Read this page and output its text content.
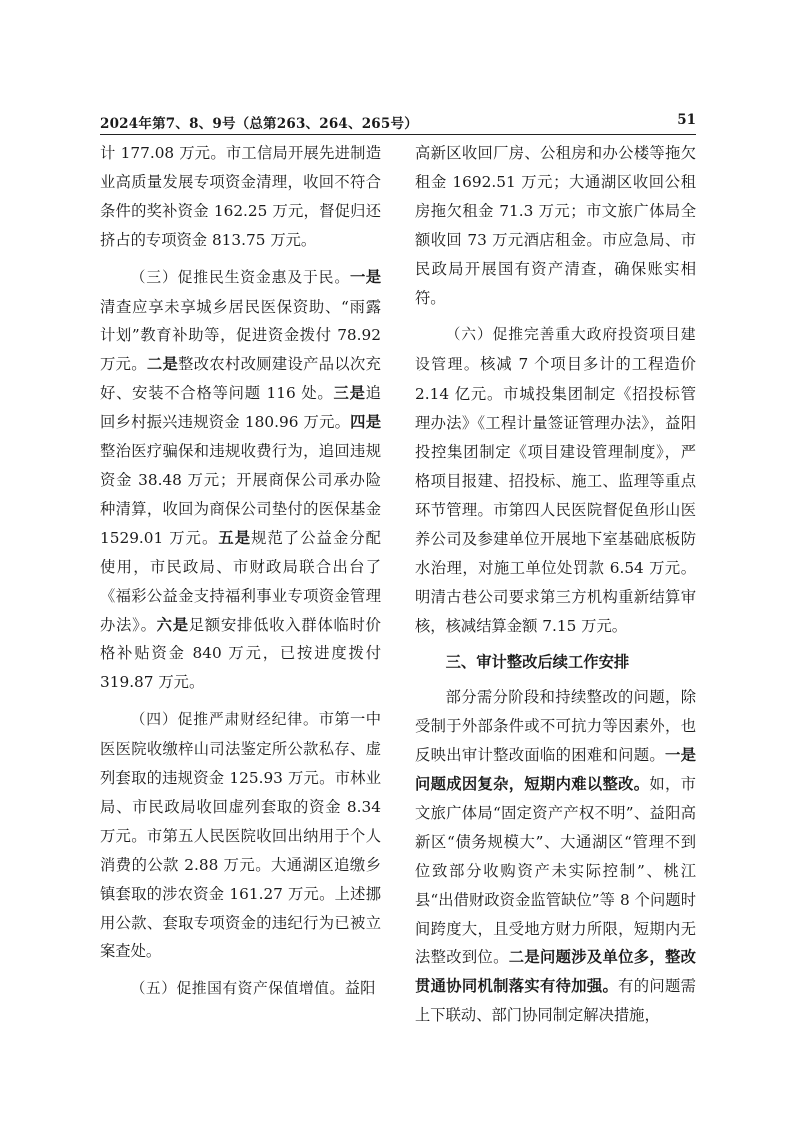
2024年第7、8、9号（总第263、264、265号）	51

计 177.08 万元。市工信局开展先进制造业高质量发展专项资金清理，收回不符合条件的奖补资金 162.25 万元，督促归还挤占的专项资金 813.75 万元。

（三）促推民生资金惠及于民。一是清查应享未享城乡居民医保资助、“雨露计划”教育补助等，促进资金拨付 78.92 万元。二是整改农村改厕建设产品以次充好、安装不合格等问题 116 处。三是追回乡村振兴违规资金 180.96 万元。四是整治医疗骗保和违规收费行为，追回违规资金 38.48 万元；开展商保公司承办险种清算，收回为商保公司垫付的医保基金 1529.01 万元。五是规范了公益金分配使用，市民政局、市财政局联合出台了《福彩公益金支持福利事业专项资金管理办法》。六是足额安排低收入群体临时价格补贴资金 840 万元，已按进度拨付 319.87 万元。

（四）促推严肃财经纪律。市第一中医医院收缴梓山司法鉴定所公款私存、虚列套取的违规资金 125.93 万元。市林业局、市民政局收回虚列套取的资金 8.34 万元。市第五人民医院收回出纳用于个人消费的公款 2.88 万元。大通湖区追缴乡镇套取的涉农资金 161.27 万元。上述挪用公款、套取专项资金的违纪行为已被立案查处。

（五）促推国有资产保值增值。益阳

高新区收回厂房、公租房和办公楼等拖欠租金 1692.51 万元；大通湖区收回公租房拖欠租金 71.3 万元；市文旅广体局全额收回 73 万元酒店租金。市应急局、市民政局开展国有资产清查，确保账实相符。

（六）促推完善重大政府投资项目建设管理。核减 7 个项目多计的工程造价 2.14 亿元。市城投集团制定《招投标管理办法》《工程计量签证管理办法》，益阳投控集团制定《项目建设管理制度》，严格项目报建、招投标、施工、监理等重点环节管理。市第四人民医院督促鱼形山医养公司及参建单位开展地下室基础底板防水治理，对施工单位处罚款 6.54 万元。明清古巷公司要求第三方机构重新结算审核，核减结算金额 7.15 万元。

三、审计整改后续工作安排

部分需分阶段和持续整改的问题，除受制于外部条件或不可抗力等因素外，也反映出审计整改面临的困难和问题。一是问题成因复杂，短期内难以整改。如，市文旅广体局“固定资产产权不明”、益阳高新区“债务规模大”、大通湖区“管理不到位致部分收购资产未实际控制”、桃江县“出借财政资金监管缺位”等 8 个问题时间跨度大，且受地方财力所限，短期内无法整改到位。二是问题涉及单位多，整改贯通协同机制落实有待加强。有的问题需上下联动、部门协同制定解决措施，
